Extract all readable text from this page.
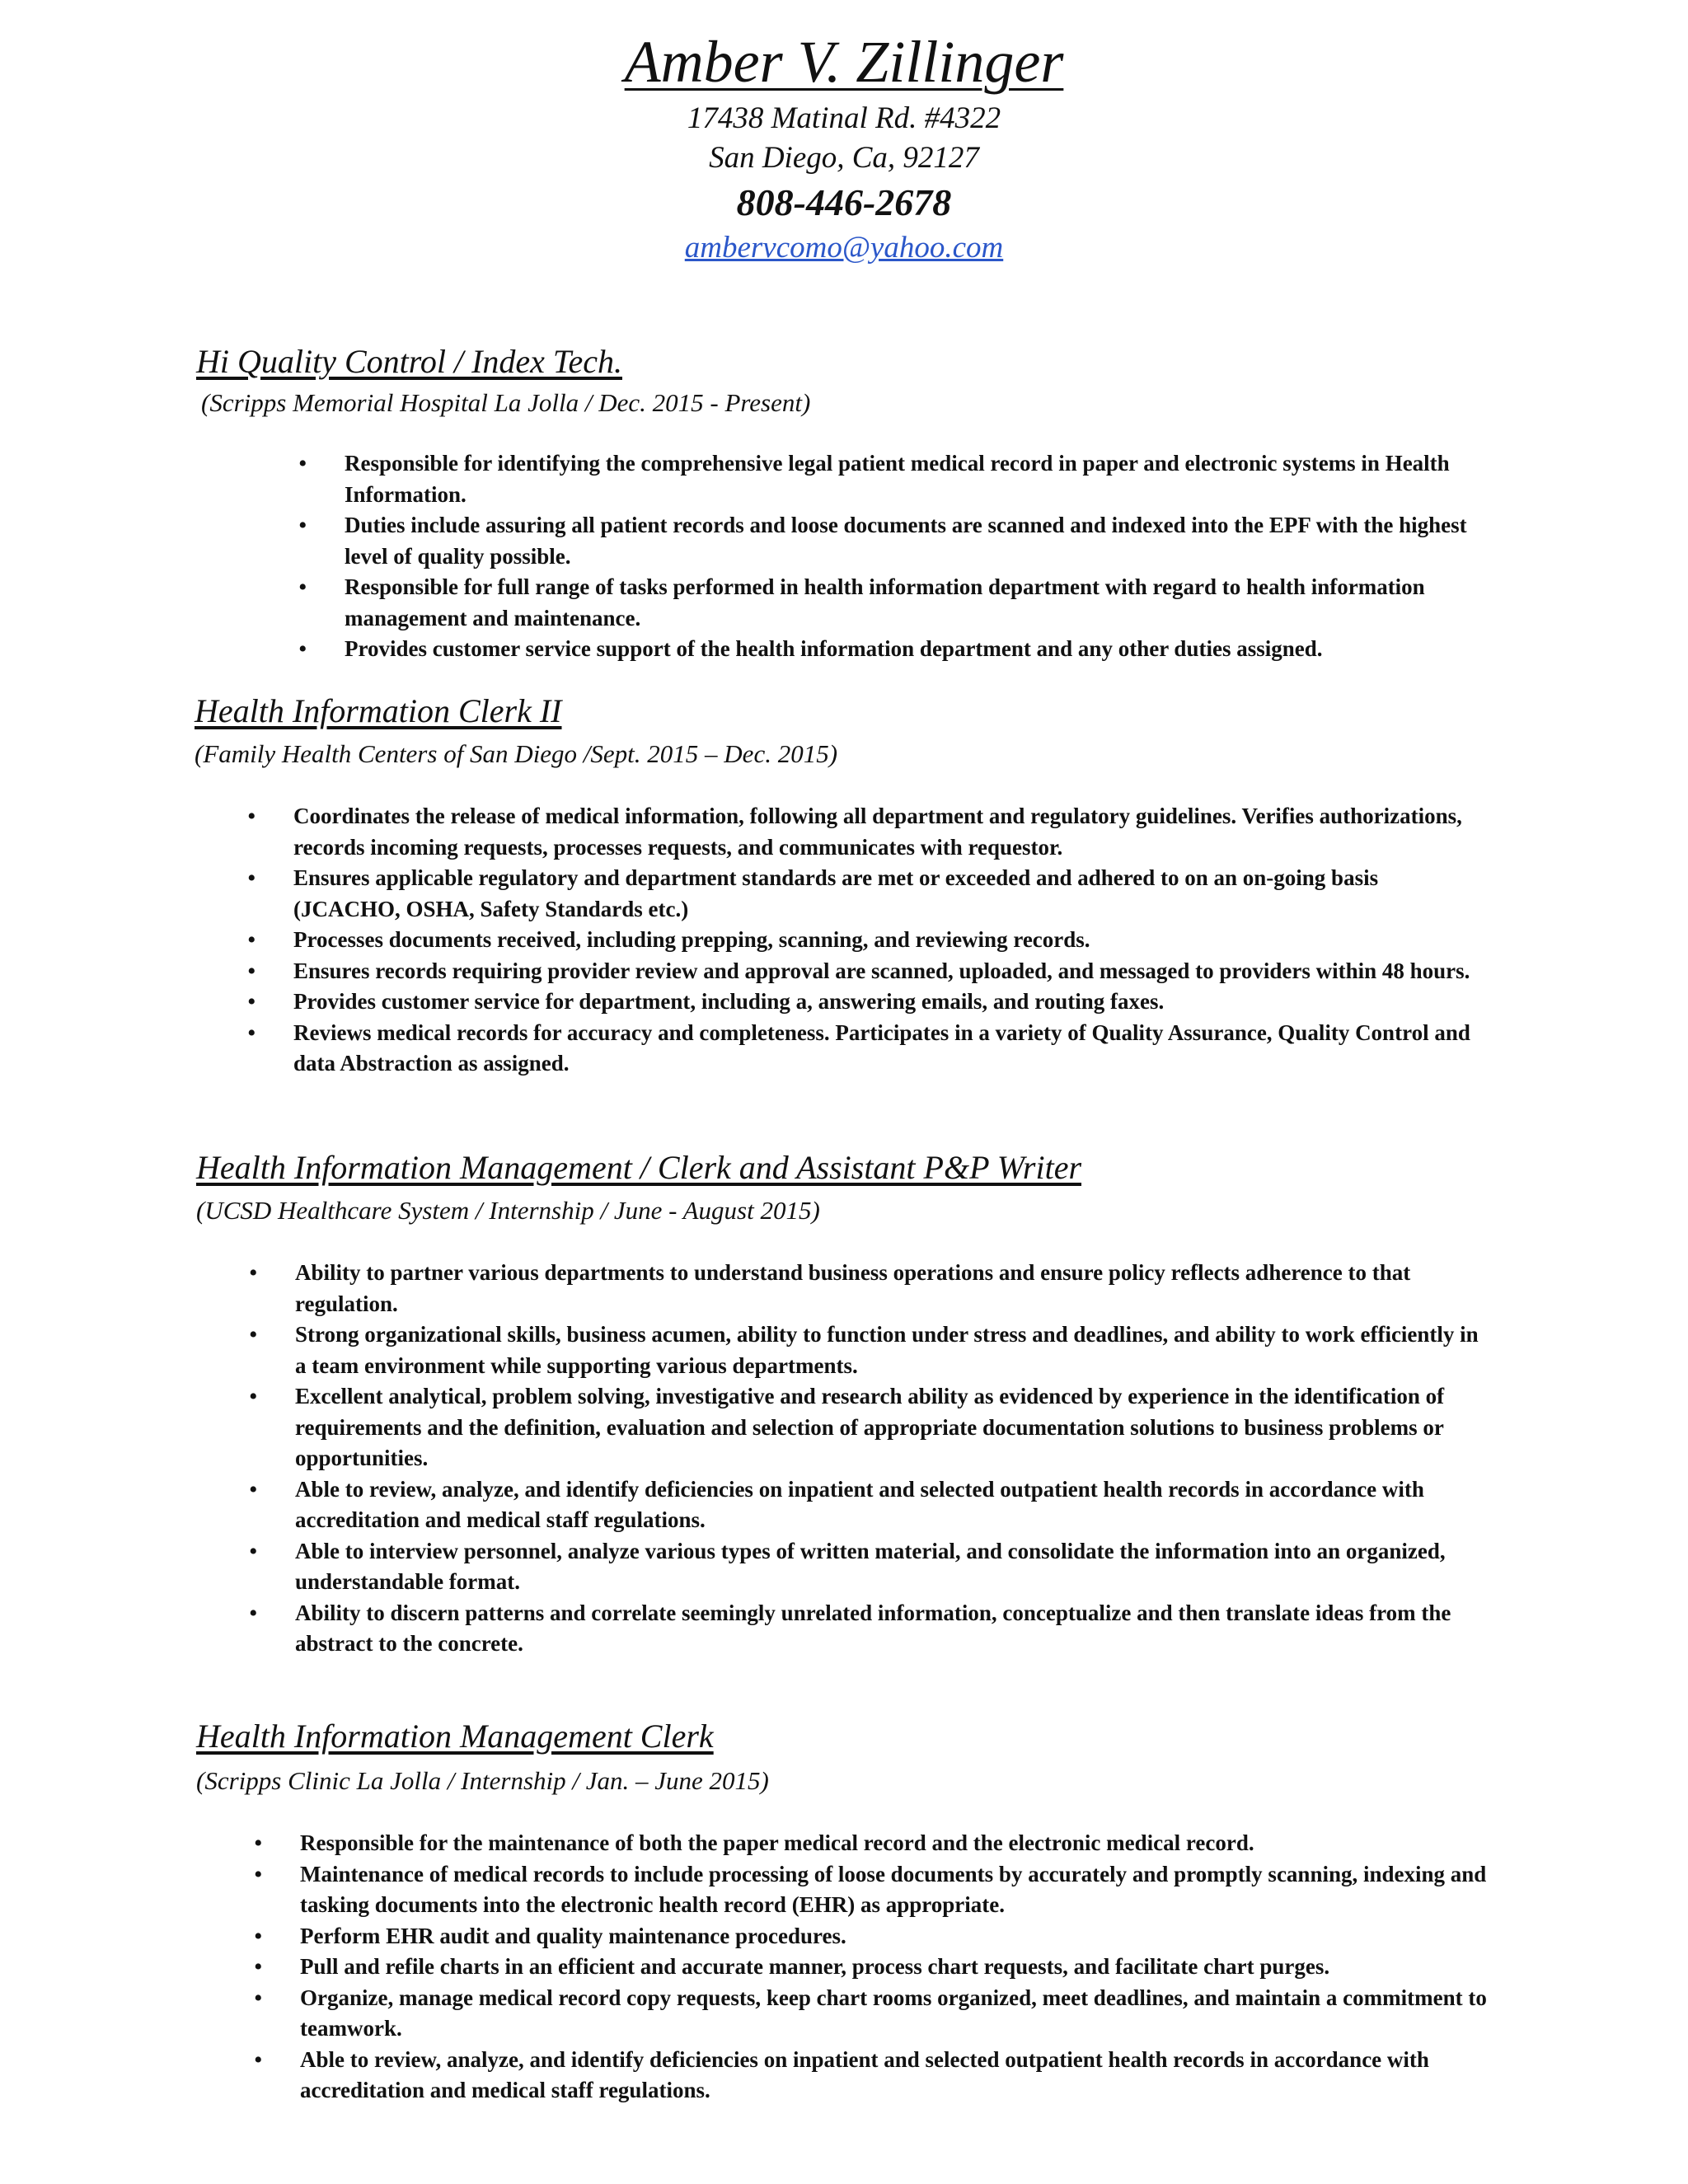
Amber V. Zillinger
17438 Matinal Rd. #4322
San Diego, Ca, 92127
808-446-2678
ambervcomo@yahoo.com
Hi Quality Control / Index Tech.
(Scripps Memorial Hospital La Jolla / Dec. 2015 - Present)
• Responsible for identifying the comprehensive legal patient medical record in paper and electronic systems in Health Information.
• Duties include assuring all patient records and loose documents are scanned and indexed into the EPF with the highest level of quality possible.
• Responsible for full range of tasks performed in health information department with regard to health information management and maintenance.
• Provides customer service support of the health information department and any other duties assigned.
Health Information Clerk II
(Family Health Centers of San Diego /Sept. 2015 – Dec. 2015)
• Coordinates the release of medical information, following all department and regulatory guidelines. Verifies authorizations, records incoming requests, processes requests, and communicates with requestor.
• Ensures applicable regulatory and department standards are met or exceeded and adhered to on an on-going basis (JCACHO, OSHA, Safety Standards etc.)
• Processes documents received, including prepping, scanning, and reviewing records.
• Ensures records requiring provider review and approval are scanned, uploaded, and messaged to providers within 48 hours.
• Provides customer service for department, including a, answering emails, and routing faxes.
• Reviews medical records for accuracy and completeness. Participates in a variety of Quality Assurance, Quality Control and data Abstraction as assigned.
Health Information Management / Clerk and Assistant P&P Writer
(UCSD Healthcare System / Internship / June - August 2015)
• Ability to partner various departments to understand business operations and ensure policy reflects adherence to that regulation.
• Strong organizational skills, business acumen, ability to function under stress and deadlines, and ability to work efficiently in a team environment while supporting various departments.
• Excellent analytical, problem solving, investigative and research ability as evidenced by experience in the identification of requirements and the definition, evaluation and selection of appropriate documentation solutions to business problems or opportunities.
• Able to review, analyze, and identify deficiencies on inpatient and selected outpatient health records in accordance with accreditation and medical staff regulations.
• Able to interview personnel, analyze various types of written material, and consolidate the information into an organized, understandable format.
• Ability to discern patterns and correlate seemingly unrelated information, conceptualize and then translate ideas from the abstract to the concrete.
Health Information Management Clerk
(Scripps Clinic La Jolla / Internship / Jan. – June 2015)
• Responsible for the maintenance of both the paper medical record and the electronic medical record.
• Maintenance of medical records to include processing of loose documents by accurately and promptly scanning, indexing and tasking documents into the electronic health record (EHR) as appropriate.
• Perform EHR audit and quality maintenance procedures.
• Pull and refile charts in an efficient and accurate manner, process chart requests, and facilitate chart purges.
• Organize, manage medical record copy requests, keep chart rooms organized, meet deadlines, and maintain a commitment to teamwork.
• Able to review, analyze, and identify deficiencies on inpatient and selected outpatient health records in accordance with accreditation and medical staff regulations.
